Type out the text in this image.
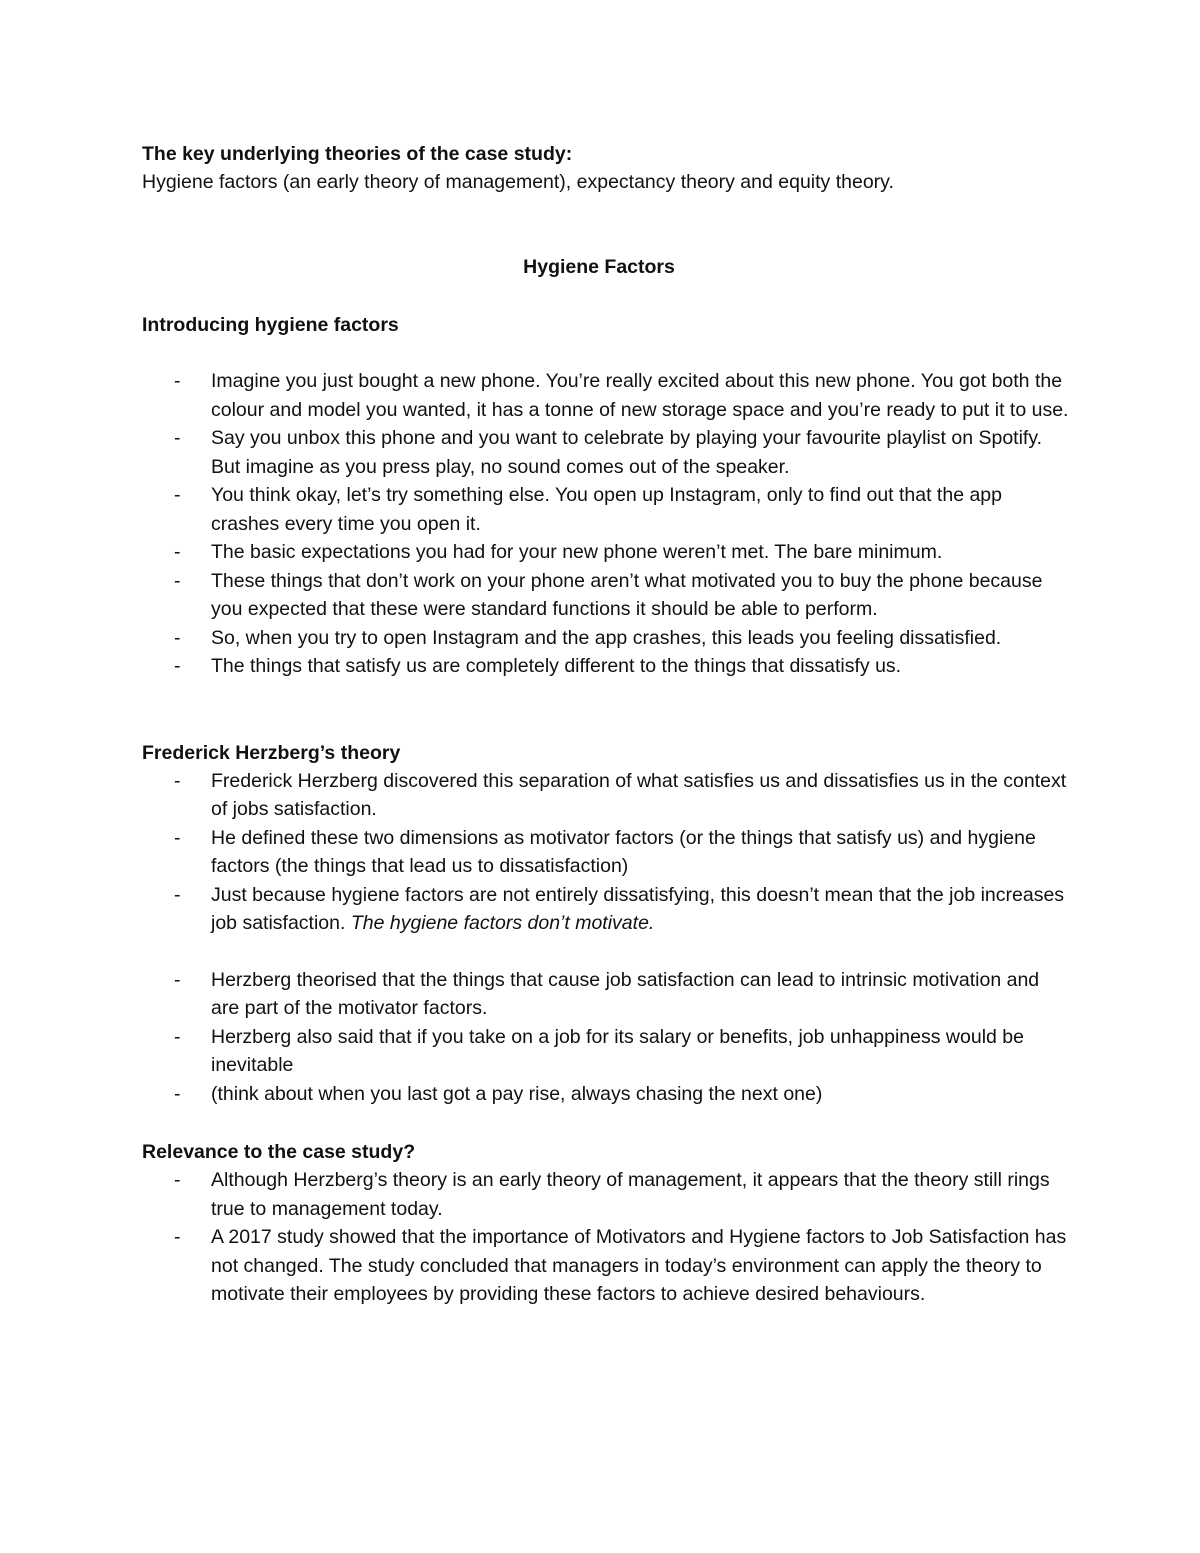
The key underlying theories of the case study:

Hygiene factors (an early theory of management), expectancy theory and equity theory.

Hygiene Factors

Introducing hygiene factors

- Imagine you just bought a new phone. You’re really excited about this new phone. You got both the colour and model you wanted, it has a tonne of new storage space and you’re ready to put it to use.
- Say you unbox this phone and you want to celebrate by playing your favourite playlist on Spotify. But imagine as you press play, no sound comes out of the speaker.
- You think okay, let’s try something else. You open up Instagram, only to find out that the app crashes every time you open it.
- The basic expectations you had for your new phone weren’t met. The bare minimum.
- These things that don’t work on your phone aren’t what motivated you to buy the phone because you expected that these were standard functions it should be able to perform.
- So, when you try to open Instagram and the app crashes, this leads you feeling dissatisfied.
- The things that satisfy us are completely different to the things that dissatisfy us.

Frederick Herzberg’s theory

- Frederick Herzberg discovered this separation of what satisfies us and dissatisfies us in the context of jobs satisfaction.
- He defined these two dimensions as motivator factors (or the things that satisfy us) and hygiene factors (the things that lead us to dissatisfaction)
- Just because hygiene factors are not entirely dissatisfying, this doesn’t mean that the job increases job satisfaction. The hygiene factors don’t motivate.
- Herzberg theorised that the things that cause job satisfaction can lead to intrinsic motivation and are part of the motivator factors.
- Herzberg also said that if you take on a job for its salary or benefits, job unhappiness would be inevitable
- (think about when you last got a pay rise, always chasing the next one)

Relevance to the case study?

- Although Herzberg’s theory is an early theory of management, it appears that the theory still rings true to management today.
- A 2017 study showed that the importance of Motivators and Hygiene factors to Job Satisfaction has not changed. The study concluded that managers in today’s environment can apply the theory to motivate their employees by providing these factors to achieve desired behaviours.
